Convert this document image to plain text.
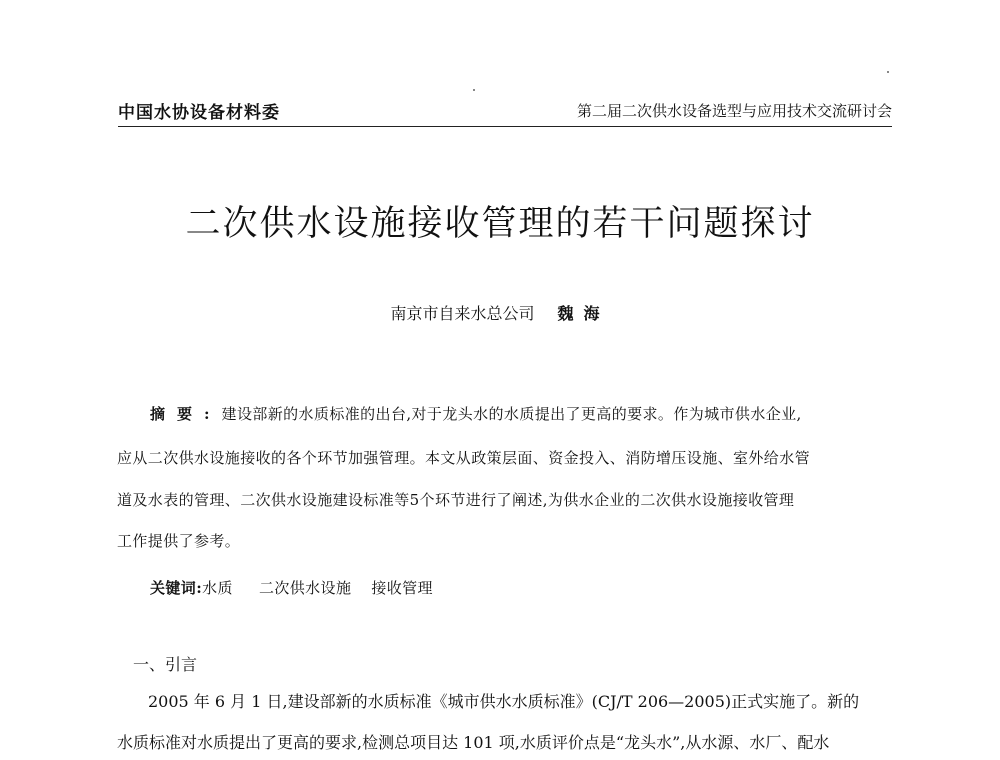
中国水协设备材料委	第二届二次供水设备选型与应用技术交流研讨会
二次供水设施接收管理的若干问题探讨
南京市自来水总公司 魏海
摘要:建设部新的水质标准的出台,对于龙头水的水质提出了更高的要求。作为城市供水企业,
应从二次供水设施接收的各个环节加强管理。本文从政策层面、资金投入、消防增压设施、室外给水管
道及水表的管理、二次供水设施建设标准等5个环节进行了阐述,为供水企业的二次供水设施接收管理
工作提供了参考。
关键词:水质 二次供水设施 接收管理
一、引言
2005 年 6 月 1 日,建设部新的水质标准《城市供水水质标准》(CJ/T 206—2005)正式实施了。新的
水质标准对水质提出了更高的要求,检测总项目达 101 项,水质评价点是“龙头水”,从水源、水厂、配水
